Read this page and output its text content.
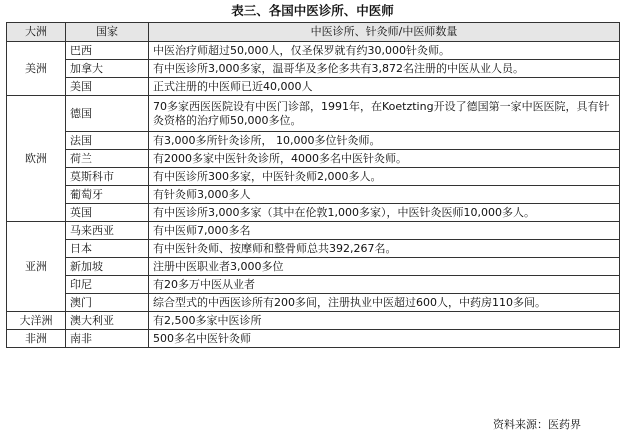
表三、各国中医诊所、中医师
大洲	国家	中医诊所、针灸师/中医师数量
美洲	巴西	中医治疗师超过50,000人，仅圣保罗就有约30,000针灸师。
	加拿大	有中医诊所3,000多家，温哥华及多伦多共有3,872名注册的中医从业人员。
	美国	正式注册的中医师已近40,000人
欧洲	德国	70多家西医医院设有中医门诊部，1991年，在Koetzting开设了德国第一家中医医院，具有针灸资格的治疗师50,000多位。
	法国	有3,000多所针灸诊所， 10,000多位针灸师。
	荷兰	有2000多家中医针灸诊所，4000多名中医针灸师。
	莫斯科市	有中医诊所300多家，中医针灸师2,000多人。
	葡萄牙	有针灸师3,000多人
	英国	有中医诊所3,000多家（其中在伦敦1,000多家），中医针灸医师10,000多人。
亚洲	马来西亚	有中医师7,000多名
	日本	有中医针灸师、按摩师和整骨师总共392,267名。
	新加坡	注册中医职业者3,000多位
	印尼	有20多万中医从业者
	澳门	综合型式的中西医诊所有200多间，注册执业中医超过600人，中药房110多间。
大洋洲	澳大利亚	有2,500多家中医诊所
非洲	南非	500多名中医针灸师
资料来源：医药界
